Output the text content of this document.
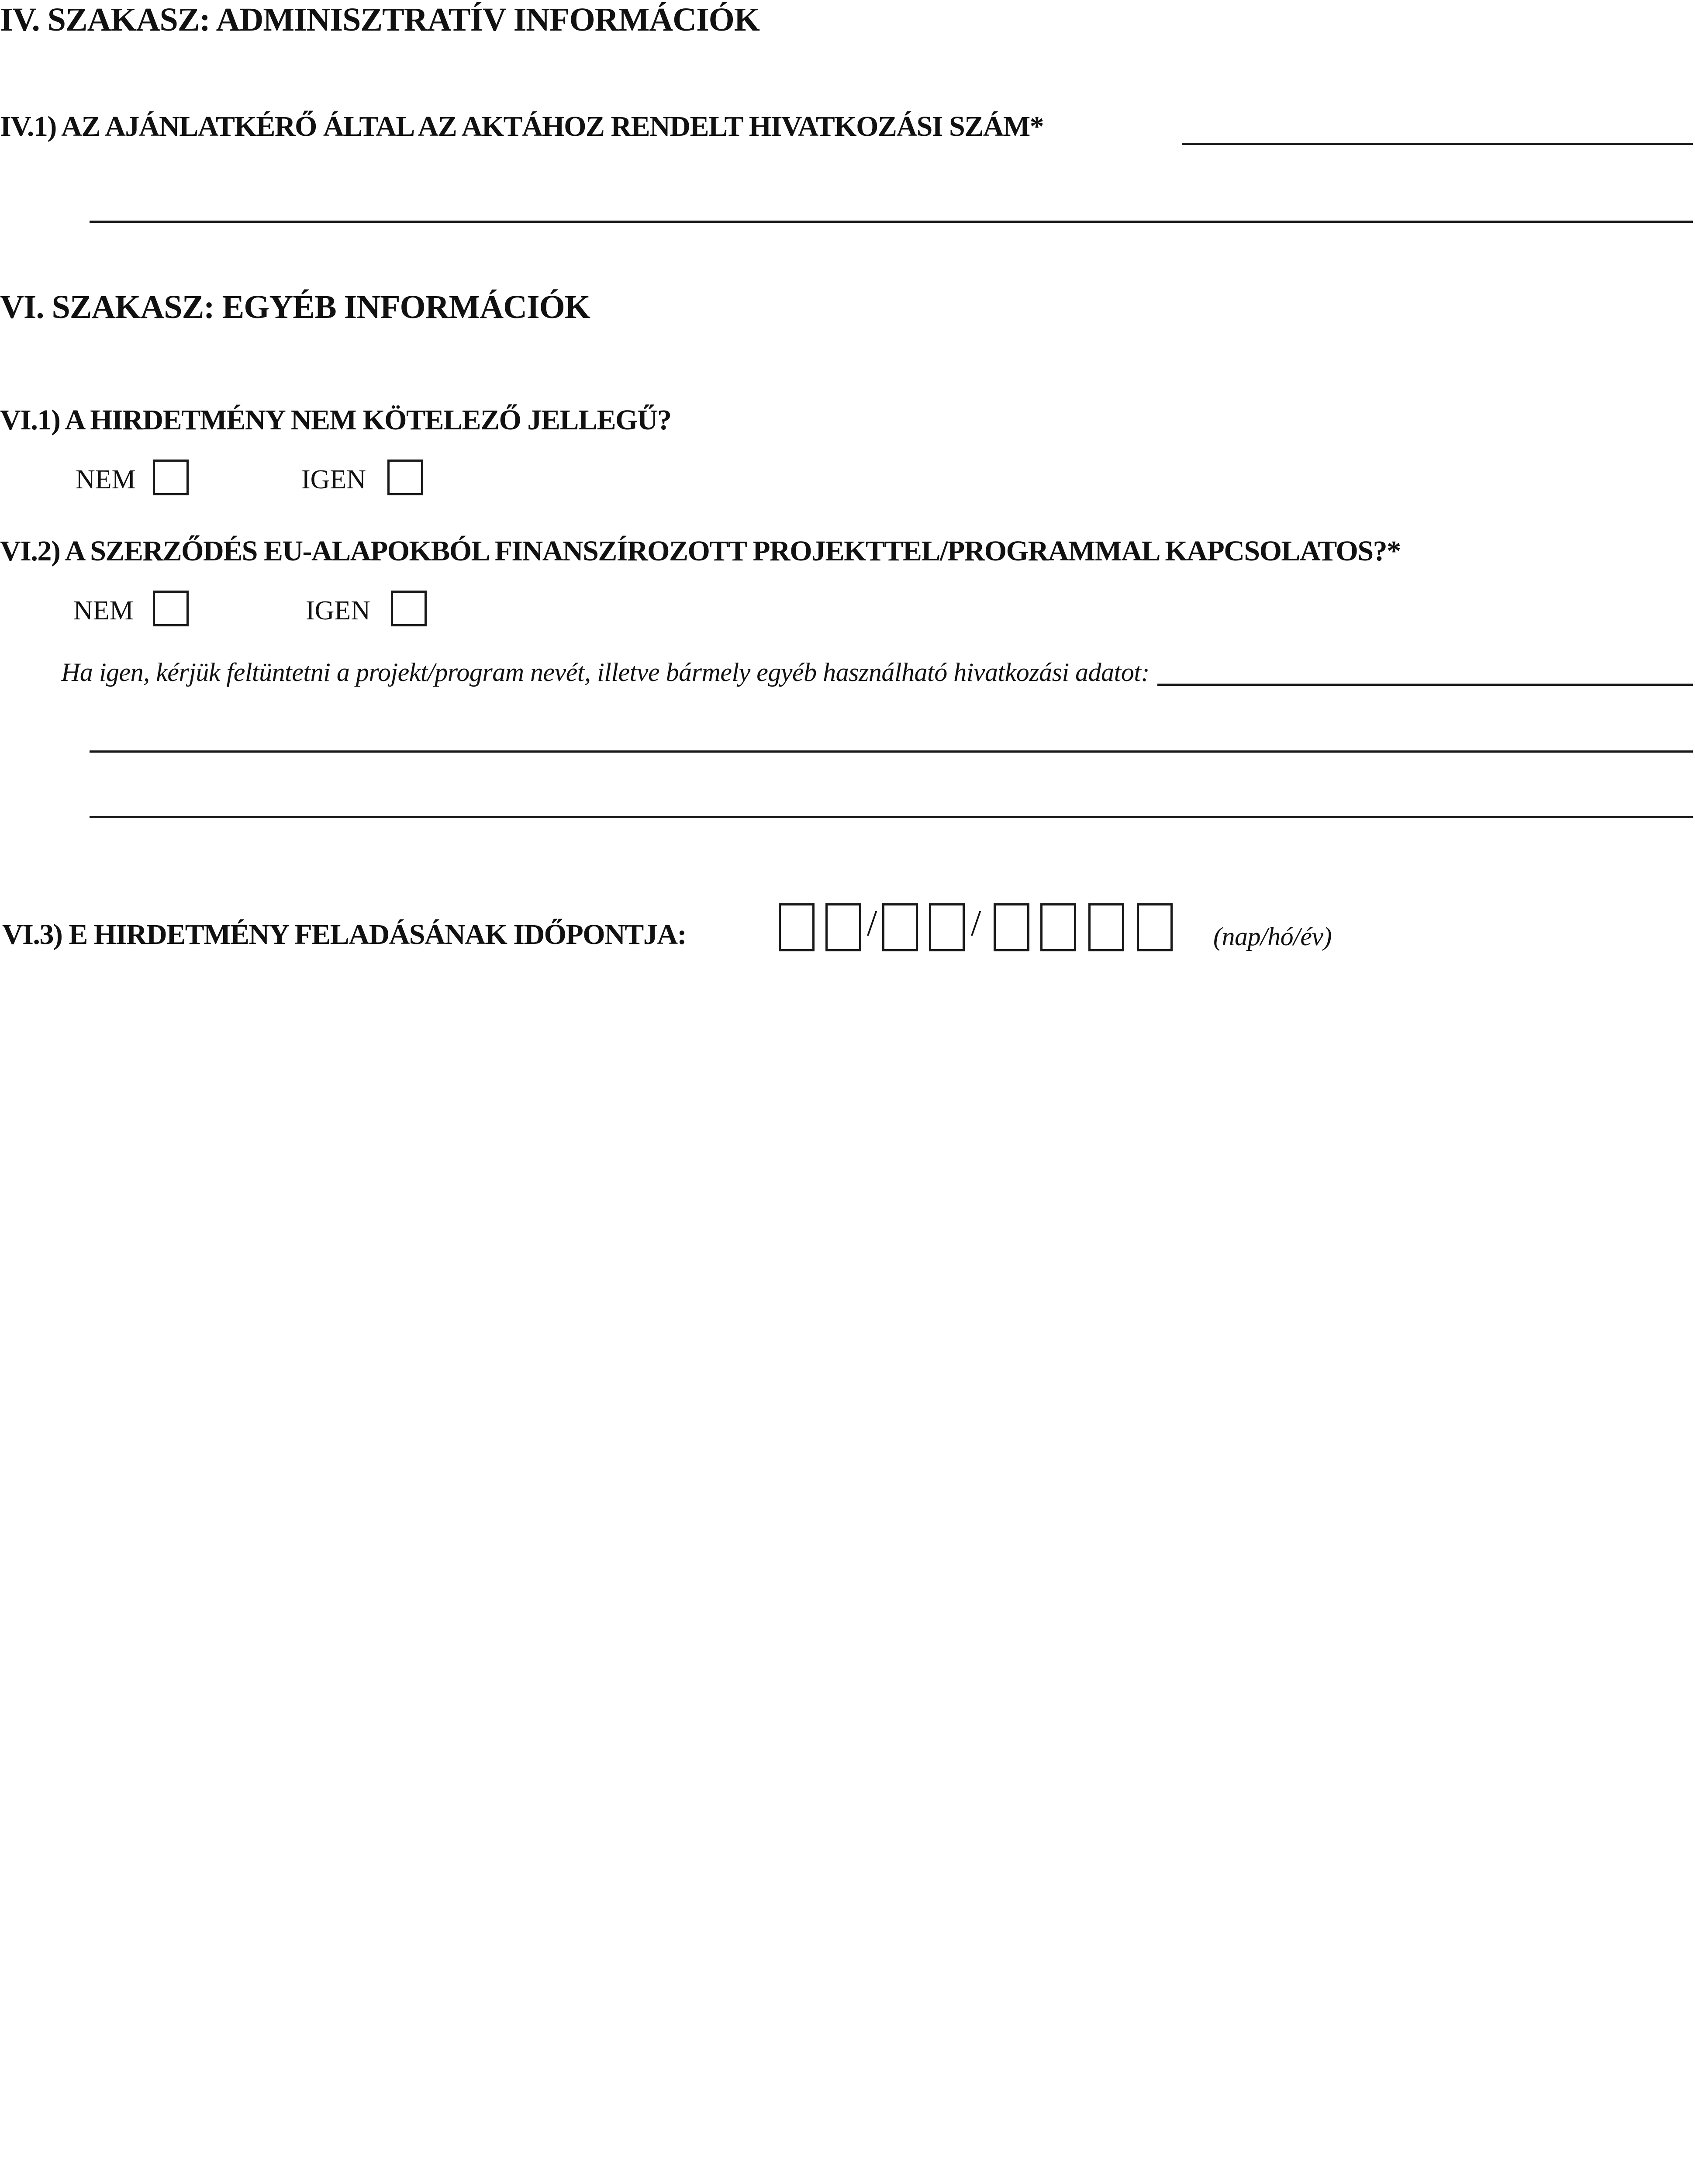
IV. SZAKASZ: ADMINISZTRATÍV INFORMÁCIÓK
IV.1) AZ AJÁNLATKÉRŐ ÁLTAL AZ AKTÁHOZ RENDELT HIVATKOZÁSI SZÁM*
VI. SZAKASZ: EGYÉB INFORMÁCIÓK
VI.1) A HIRDETMÉNY NEM KÖTELEZŐ JELLEGŰ?
NEM	IGEN
VI.2) A SZERZŐDÉS EU-ALAPOKBÓL FINANSZÍROZOTT PROJEKTTEL/PROGRAMMAL KAPCSOLATOS?*
NEM	IGEN
Ha igen, kérjük feltüntetni a projekt/program nevét, illetve bármely egyéb használható hivatkozási adatot:
VI.3) E HIRDETMÉNY FELADÁSÁNAK IDŐPONTJA:	/	/	(nap/hó/év)
